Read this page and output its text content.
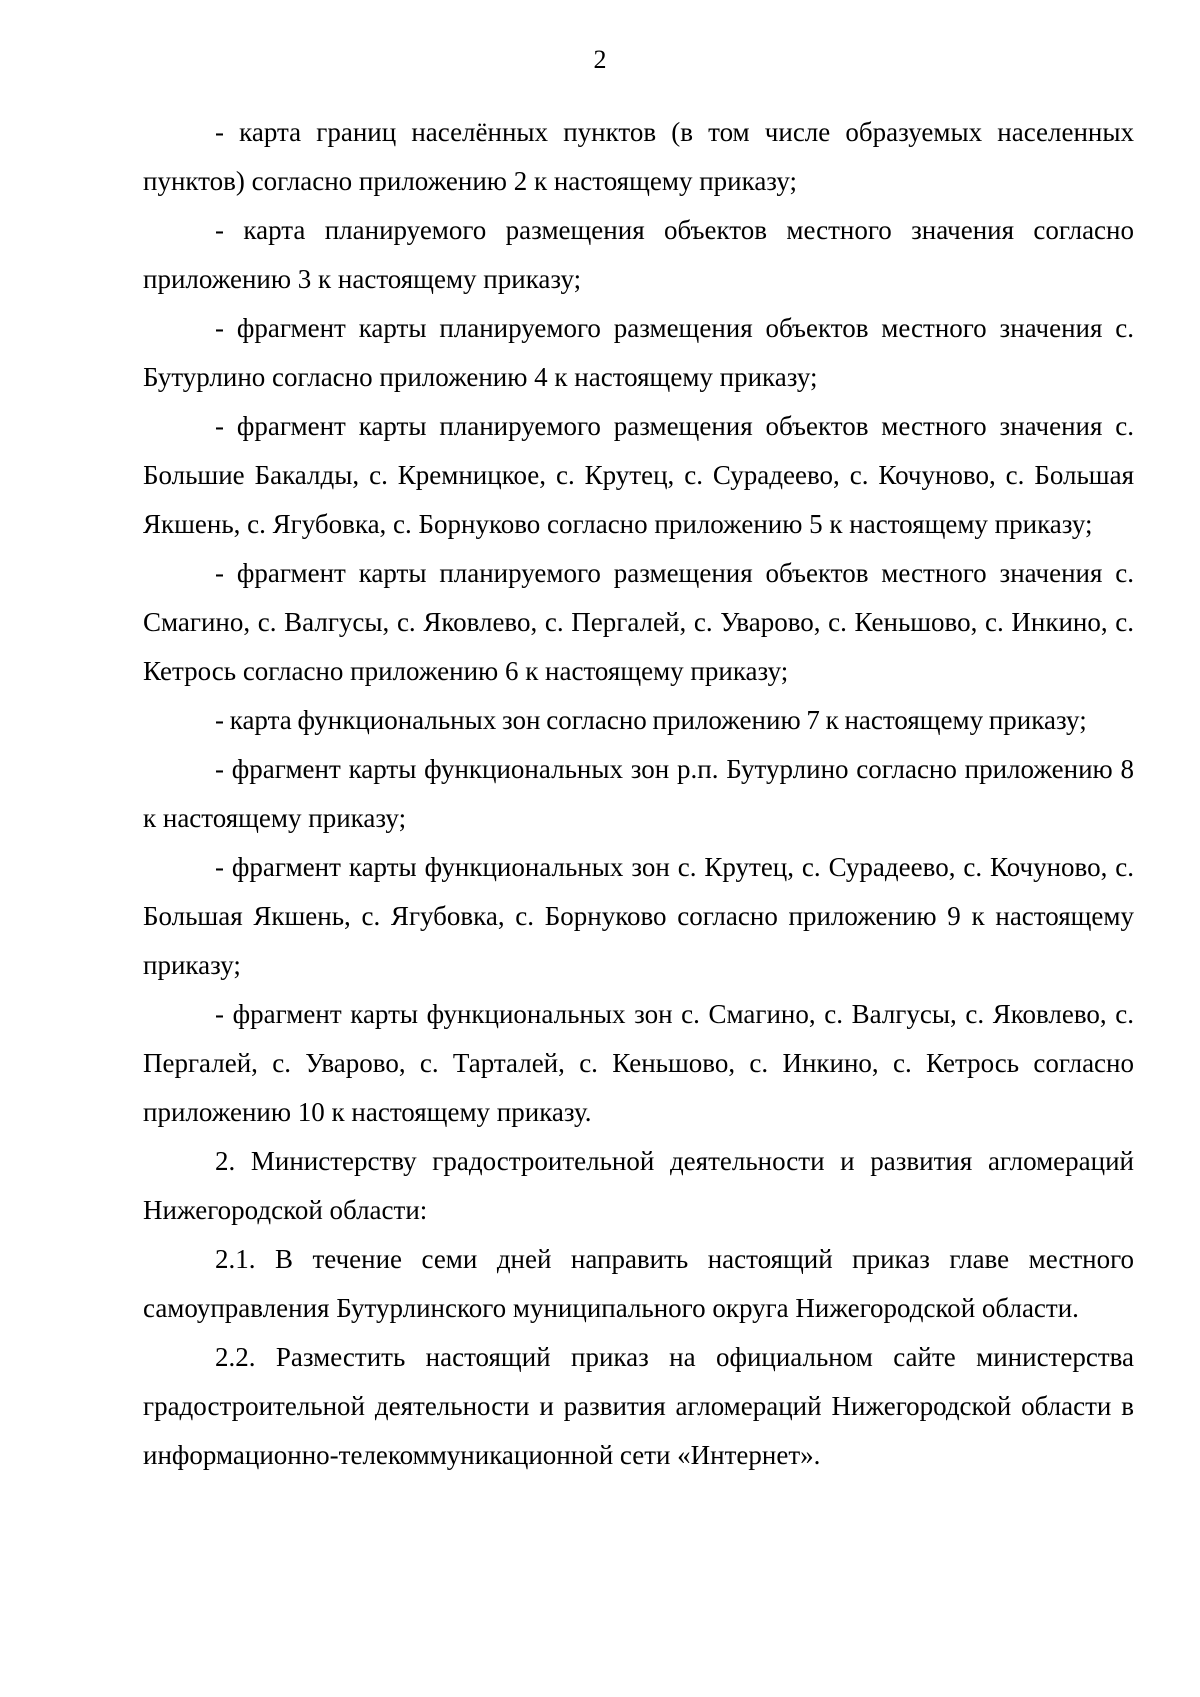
2

- карта границ населённых пунктов (в том числе образуемых населенных пунктов) согласно приложению 2 к настоящему приказу;

- карта планируемого размещения объектов местного значения согласно приложению 3 к настоящему приказу;

- фрагмент карты планируемого размещения объектов местного значения с. Бутурлино согласно приложению 4 к настоящему приказу;

- фрагмент карты планируемого размещения объектов местного значения с. Большие Бакалды, с. Кремницкое, с. Крутец, с. Сурадеево, с. Кочуново, с. Большая Якшень, с. Ягубовка, с. Борнуково согласно приложению 5 к настоящему приказу;

- фрагмент карты планируемого размещения объектов местного значения с. Смагино, с. Валгусы, с. Яковлево, с. Пергалей, с. Уварово, с. Кеньшово, с. Инкино, с. Кетрось согласно приложению 6 к настоящему приказу;

- карта функциональных зон согласно приложению 7 к настоящему приказу;

- фрагмент карты функциональных зон р.п. Бутурлино согласно приложению 8 к настоящему приказу;

- фрагмент карты функциональных зон с. Крутец, с. Сурадеево, с. Кочуново, с. Большая Якшень, с. Ягубовка, с. Борнуково согласно приложению 9 к настоящему приказу;

- фрагмент карты функциональных зон с. Смагино, с. Валгусы, с. Яковлево, с. Пергалей, с. Уварово, с. Тарталей, с. Кеньшово, с. Инкино, с. Кетрось согласно приложению 10 к настоящему приказу.

2. Министерству градостроительной деятельности и развития агломераций Нижегородской области:

2.1. В течение семи дней направить настоящий приказ главе местного самоуправления Бутурлинского муниципального округа Нижегородской области.

2.2. Разместить настоящий приказ на официальном сайте министерства градостроительной деятельности и развития агломераций Нижегородской области в информационно-телекоммуникационной сети «Интернет».
